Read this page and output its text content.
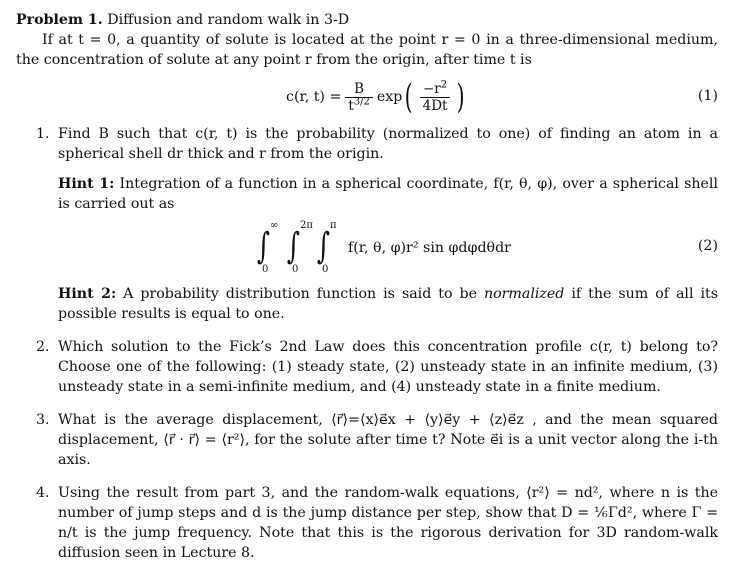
Problem 1. Diffusion and random walk in 3-D

If at t = 0, a quantity of solute is located at the point r = 0 in a three-dimensional medium, the concentration of solute at any point r from the origin, after time t is

c(r, $t) = \frac{B}{t^{3/2}}$ exp ( $\frac{-r^2}{4Dt}$ )	(1)
1. Find B such that c(r, t) is the probability (normalized to one) of finding an atom in a spherical shell dr thick and r from the origin.
Hint 1: Integration of a function in a spherical coordinate, f(r, θ, φ), over a spherical shell is carried out as
∫
∞
0
∫
2π
0
∫
π
0
f(r, θ, φ)r² sin φdφdθdr	(2)
Hint 2: A probability distribution function is said to be normalized if the sum of all its possible results is equal to one.
2. Which solution to the Fick’s 2nd Law does this concentration profile c(r, t) belong to? Choose one of the following: (1) steady state, (2) unsteady state in an infinite medium, (3) unsteady state in a semi-infinite medium, and (4) unsteady state in a finite medium.
3. What is the average displacement, ⟨r⃗⟩=⟨x⟩e⃗x + ⟨y⟩e⃗y + ⟨z⟩e⃗z , and the mean squared displacement, ⟨r⃗ · r⃗⟩ = ⟨r²⟩, for the solute after time t? Note e⃗i is a unit vector along the i-th axis.
4. Using the result from part 3, and the random-walk equations, ⟨r²⟩ = nd², where n is the number of jump steps and d is the jump distance per step, show that D = ⅙Γd², where Γ = n/t is the jump frequency. Note that this is the rigorous derivation for 3D random-walk diffusion seen in Lecture 8.
